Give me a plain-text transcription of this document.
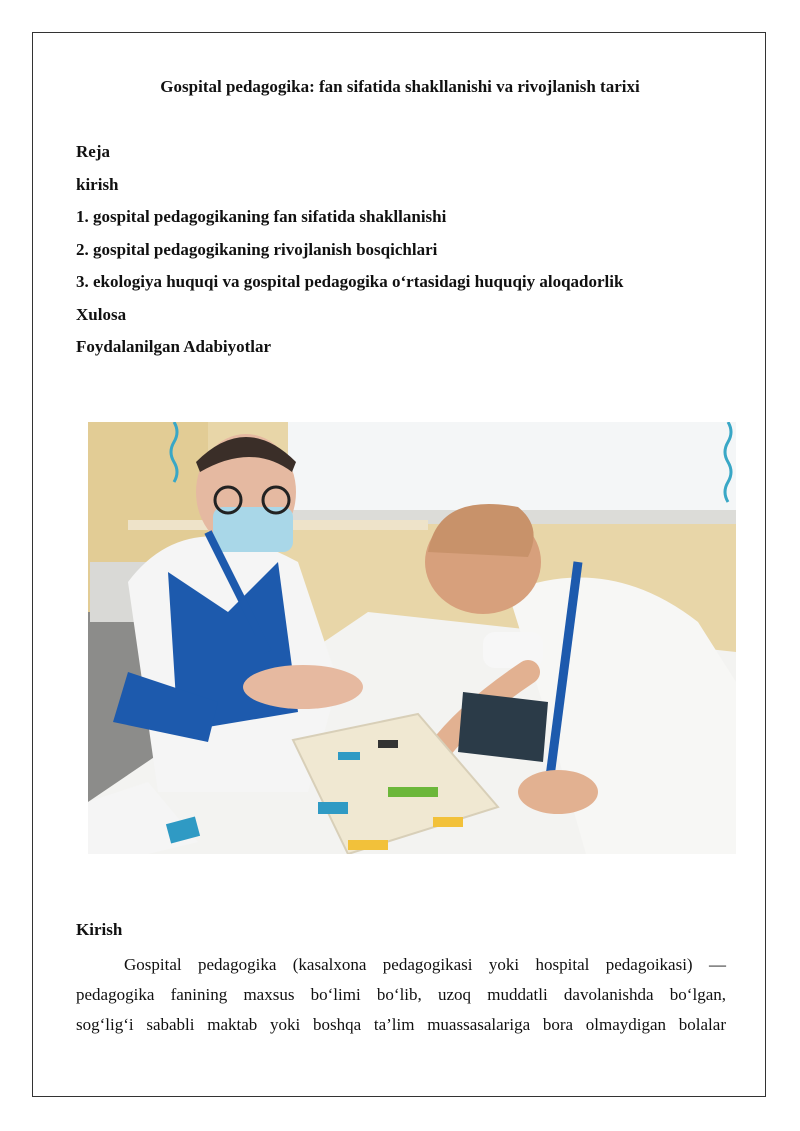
Gospital pedagogika: fan sifatida shakllanishi va rivojlanish tarixi
Reja
kirish
1. gospital pedagogikaning fan sifatida shakllanishi
2. gospital pedagogikaning rivojlanish bosqichlari
3. ekologiya huquqi va gospital pedagogika o‘rtasidagi huquqiy aloqadorlik
Xulosa
Foydalanilgan Adabiyotlar
Kirish
Gospital pedagogika (kasalxona pedagogikasi yoki hospital pedagoikasi) —
pedagogika fanining maxsus bo‘limi bo‘lib, uzoq muddatli davolanishda bo‘lgan,
sog‘lig‘i sababli maktab yoki boshqa ta’lim muassasalariga bora olmaydigan bolalar
